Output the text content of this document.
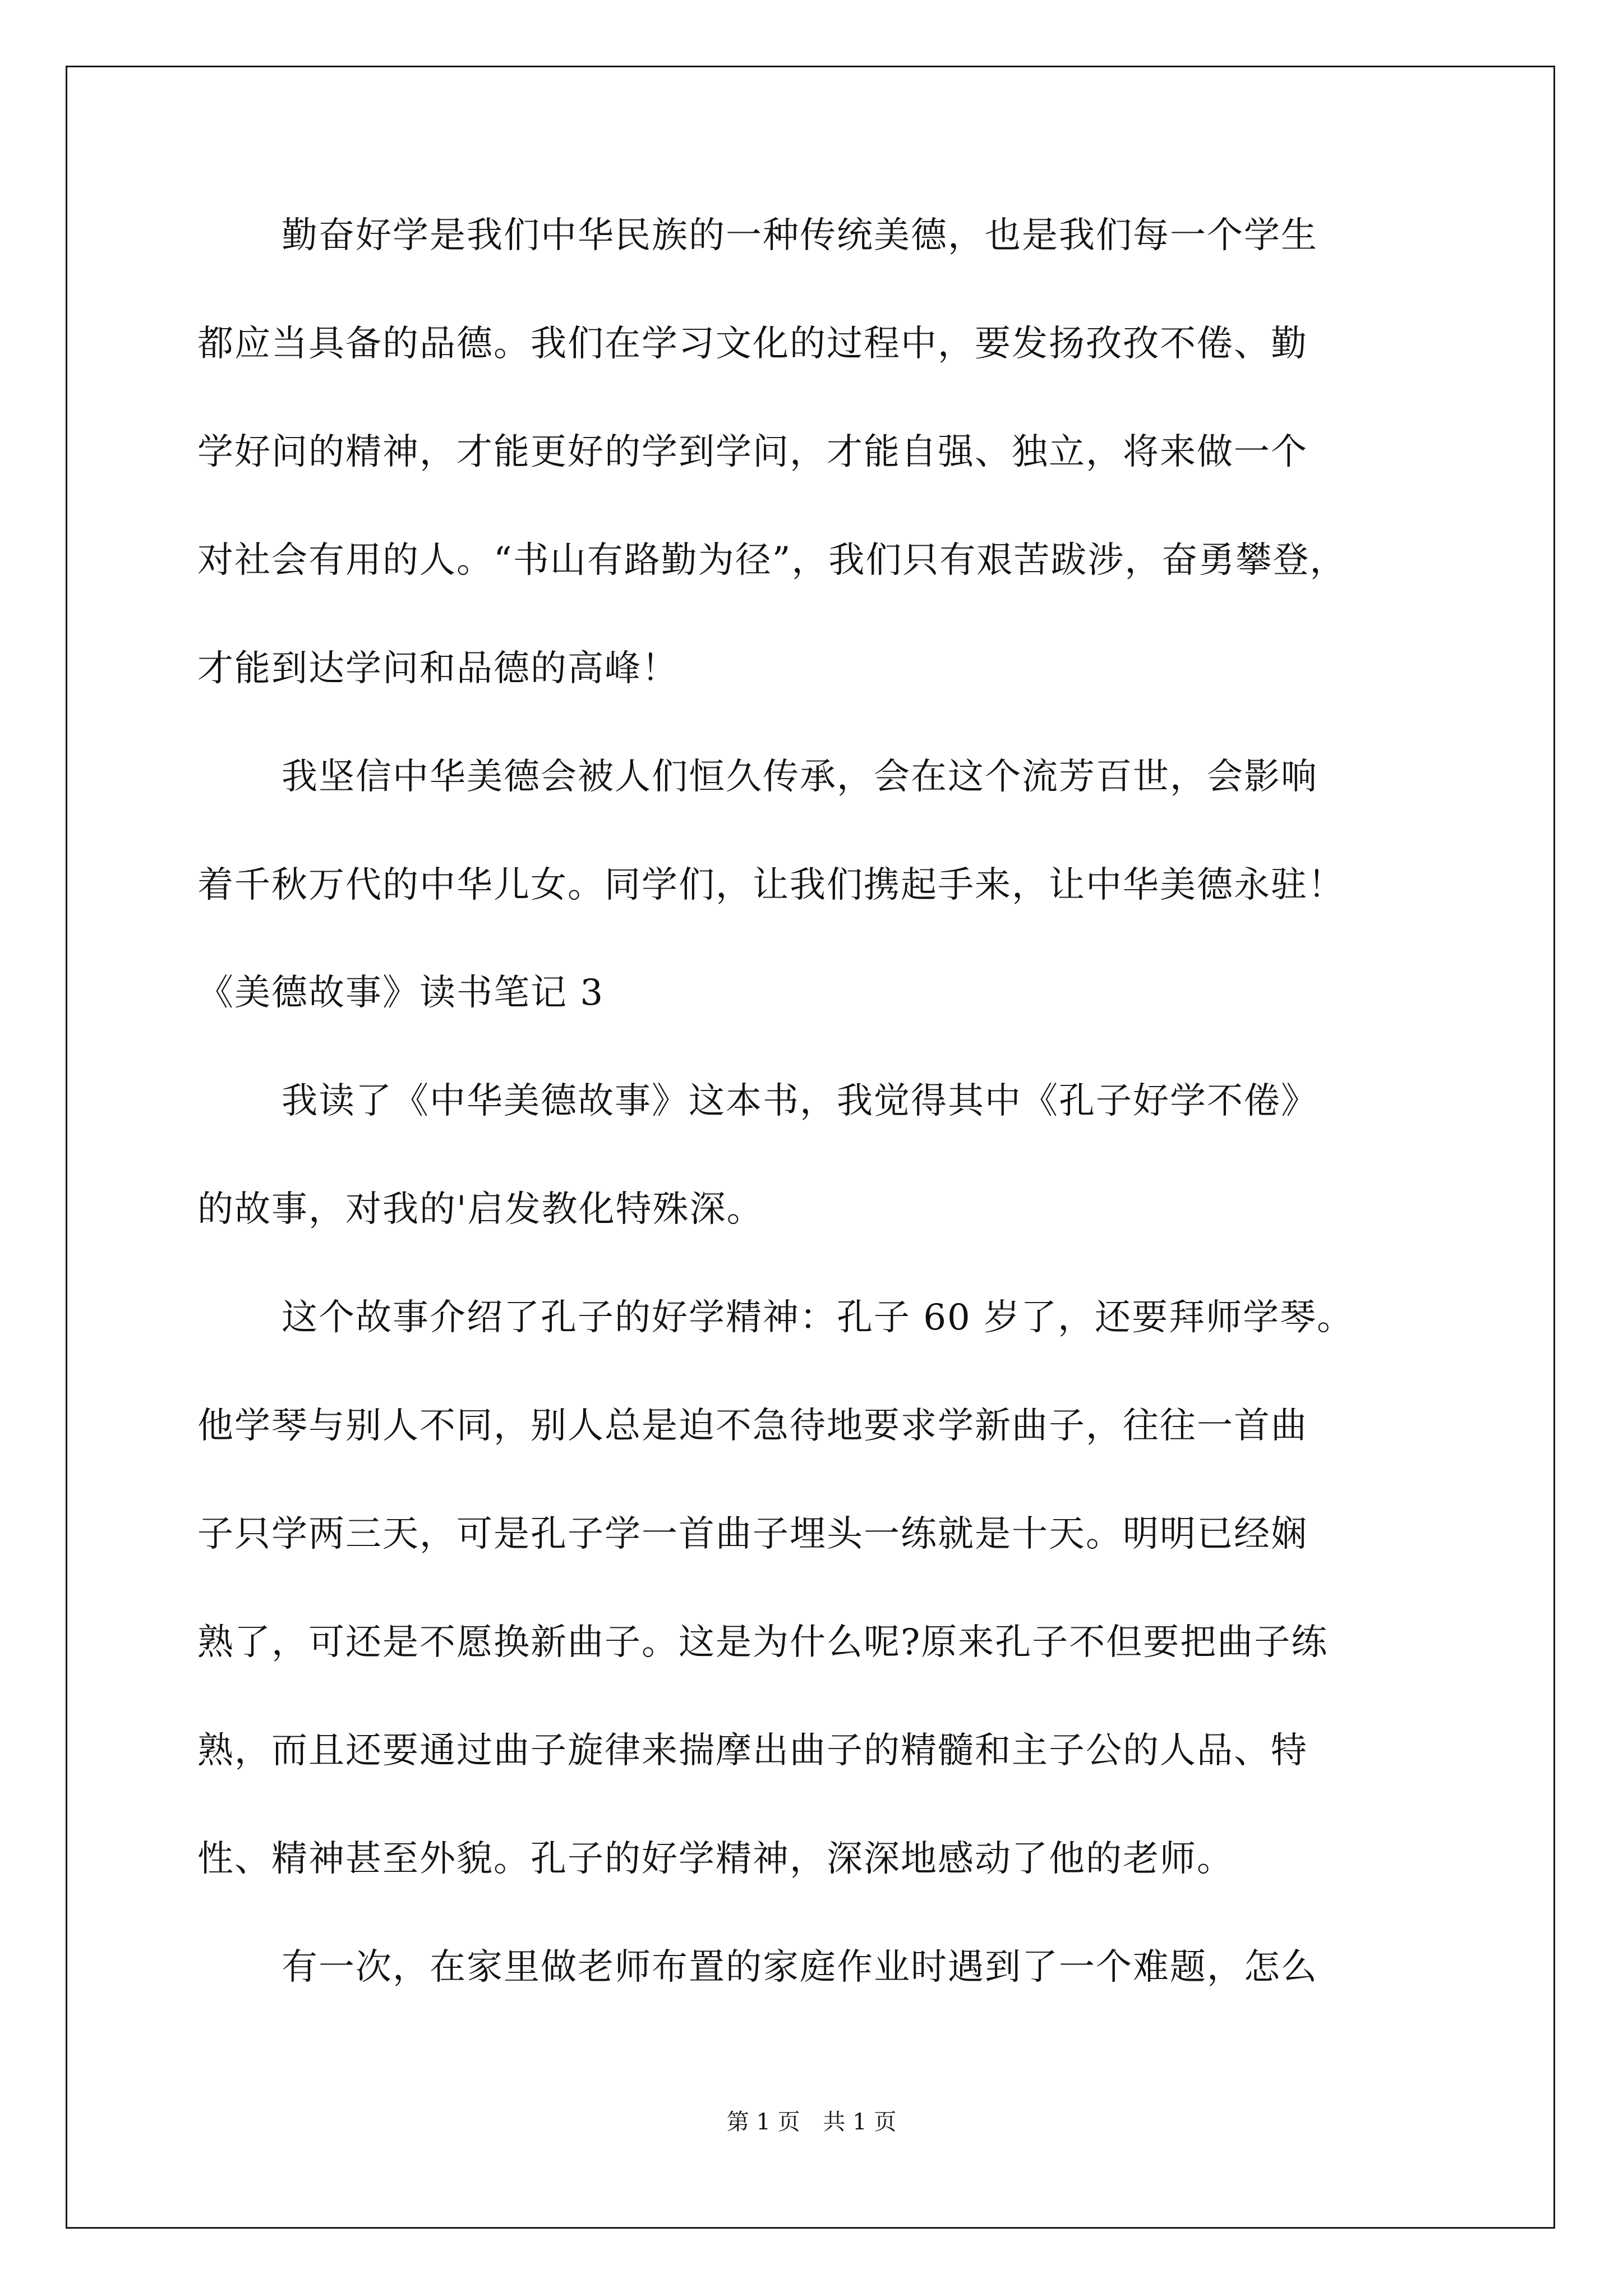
勤奋好学是我们中华民族的一种传统美德，也是我们每一个学生
都应当具备的品德。我们在学习文化的过程中，要发扬孜孜不倦、勤
学好问的精神，才能更好的学到学问，才能自强、独立，将来做一个
对社会有用的人。“书山有路勤为径”，我们只有艰苦跋涉，奋勇攀登，
才能到达学问和品德的高峰！
我坚信中华美德会被人们恒久传承，会在这个流芳百世，会影响
着千秋万代的中华儿女。同学们，让我们携起手来，让中华美德永驻！
《美德故事》读书笔记 3
我读了《中华美德故事》这本书，我觉得其中《孔子好学不倦》
的故事，对我的'启发教化特殊深。
这个故事介绍了孔子的好学精神：孔子 60 岁了，还要拜师学琴。
他学琴与别人不同，别人总是迫不急待地要求学新曲子，往往一首曲
子只学两三天，可是孔子学一首曲子埋头一练就是十天。明明已经娴
熟了，可还是不愿换新曲子。这是为什么呢?原来孔子不但要把曲子练
熟，而且还要通过曲子旋律来揣摩出曲子的精髓和主子公的人品、特
性、精神甚至外貌。孔子的好学精神，深深地感动了他的老师。
有一次，在家里做老师布置的家庭作业时遇到了一个难题，怎么
第 1 页 共 1 页
